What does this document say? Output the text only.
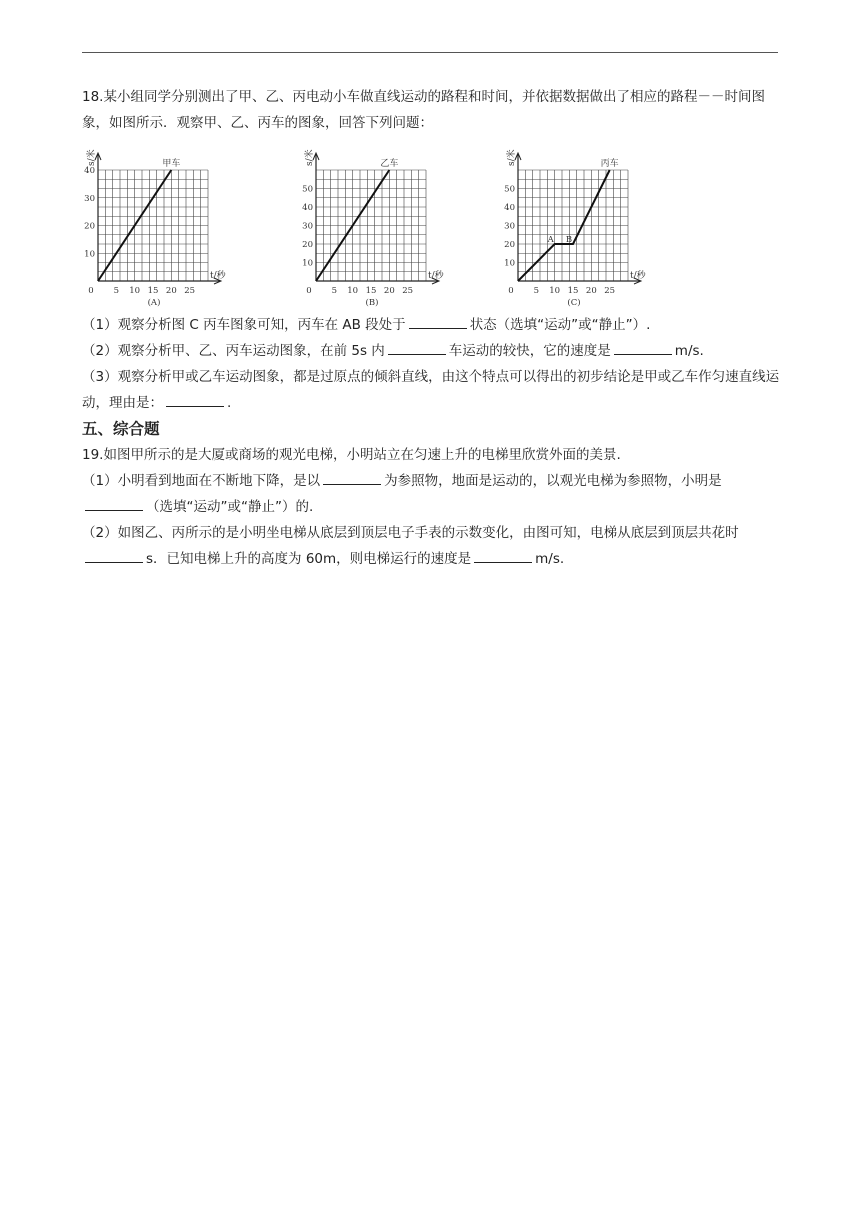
18.某小组同学分别测出了甲、乙、丙电动小车做直线运动的路程和时间，并依据数据做出了相应的路程－－时间图象，如图所示．观察甲、乙、丙车的图象，回答下列问题：

s/米
t/秒
0 5 10 15 20 25
10
20
30
40
甲车
(A)
s/米
t/秒
0 5 10 15 20 25
10
20
30
40
50
乙车
(B)
s/米
t/秒
0 5 10 15 20 25
10
20
30
40
50
丙车
A B
(C)

（1）观察分析图 C 丙车图象可知，丙车在 AB 段处于	状态（选填“运动”或“静止”）.

（2）观察分析甲、乙、丙车运动图象，在前 5s 内	车运动的较快，它的速度是	m/s.

（3）观察分析甲或乙车运动图象，都是过原点的倾斜直线，由这个特点可以得出的初步结论是甲或乙车作匀速直线运动，理由是：	.

五、综合题

19.如图甲所示的是大厦或商场的观光电梯，小明站立在匀速上升的电梯里欣赏外面的美景.

（1）小明看到地面在不断地下降，是以	为参照物，地面是运动的，以观光电梯为参照物，小明是（选填“运动”或“静止”）的.

（2）如图乙、丙所示的是小明坐电梯从底层到顶层电子手表的示数变化，由图可知，电梯从底层到顶层共花时s．已知电梯上升的高度为 60m，则电梯运行的速度是	m/s.
